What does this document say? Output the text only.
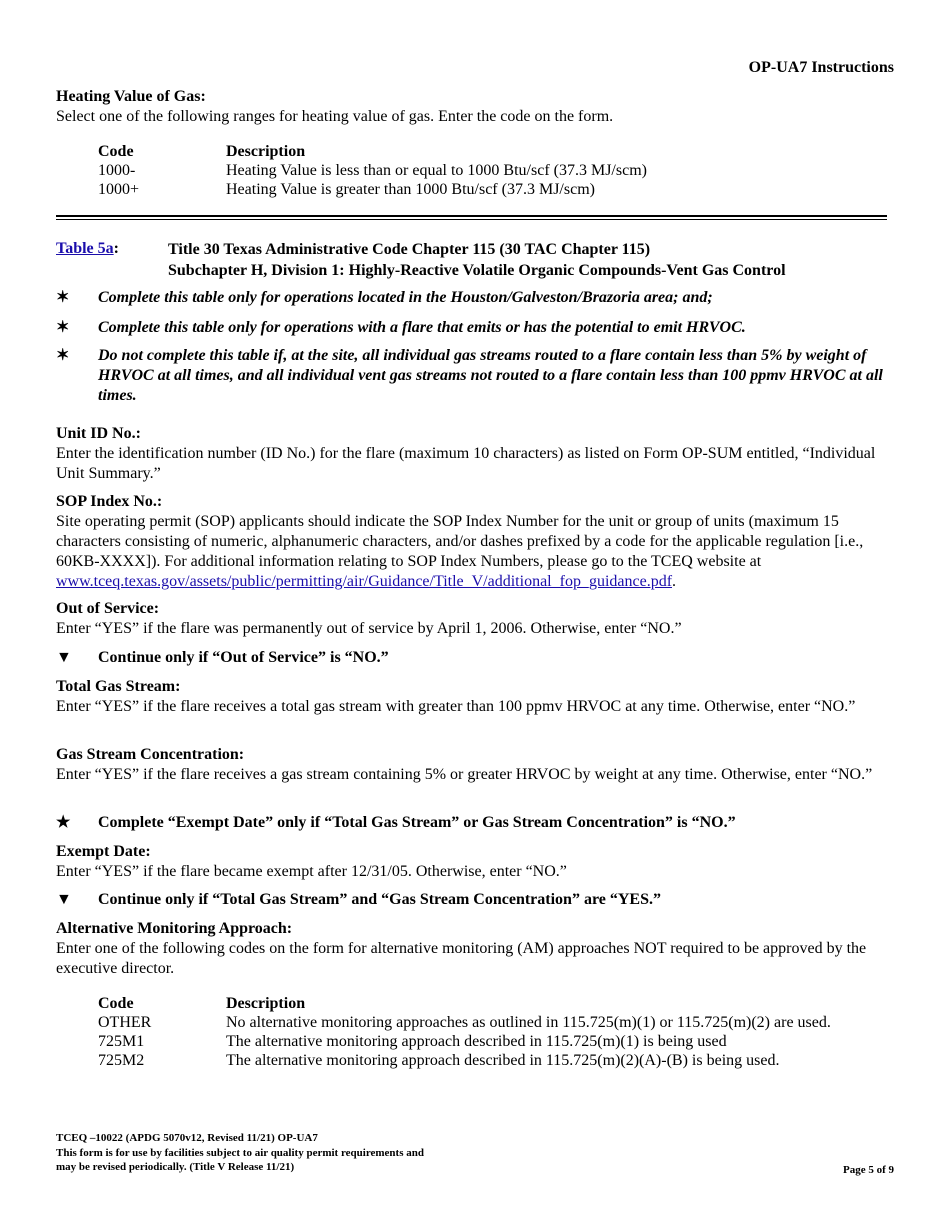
OP-UA7 Instructions

Heating Value of Gas:

Select one of the following ranges for heating value of gas. Enter the code on the form.

Code	Description
1000-	Heating Value is less than or equal to 1000 Btu/scf (37.3 MJ/scm)
1000+	Heating Value is greater than 1000 Btu/scf (37.3 MJ/scm)
Table 5a:	Title 30 Texas Administrative Code Chapter 115 (30 TAC Chapter 115)
Subchapter H, Division 1: Highly-Reactive Volatile Organic Compounds-Vent Gas Control
✶	Complete this table only for operations located in the Houston/Galveston/Brazoria area; and;
✶	Complete this table only for operations with a flare that emits or has the potential to emit HRVOC.
✶	Do not complete this table if, at the site, all individual gas streams routed to a flare contain less than 5% by weight of HRVOC at all times, and all individual vent gas streams not routed to a flare contain less than 100 ppmv HRVOC at all times.

Unit ID No.:

Enter the identification number (ID No.) for the flare (maximum 10 characters) as listed on Form OP-SUM entitled, “Individual Unit Summary.”

SOP Index No.:

Site operating permit (SOP) applicants should indicate the SOP Index Number for the unit or group of units (maximum 15 characters consisting of numeric, alphanumeric characters, and/or dashes prefixed by a code for the applicable regulation [i.e., 60KB-XXXX]). For additional information relating to SOP Index Numbers, please go to the TCEQ website at www.tceq.texas.gov/assets/public/permitting/air/Guidance/Title_V/additional_fop_guidance.pdf.

Out of Service:

Enter “YES” if the flare was permanently out of service by April 1, 2006. Otherwise, enter “NO.”

▼	Continue only if “Out of Service” is “NO.”

Total Gas Stream:

Enter “YES” if the flare receives a total gas stream with greater than 100 ppmv HRVOC at any time. Otherwise, enter “NO.”

Gas Stream Concentration:

Enter “YES” if the flare receives a gas stream containing 5% or greater HRVOC by weight at any time. Otherwise, enter “NO.”

★	Complete “Exempt Date” only if “Total Gas Stream” or Gas Stream Concentration” is “NO.”

Exempt Date:

Enter “YES” if the flare became exempt after 12/31/05. Otherwise, enter “NO.”

▼	Continue only if “Total Gas Stream” and “Gas Stream Concentration” are “YES.”

Alternative Monitoring Approach:

Enter one of the following codes on the form for alternative monitoring (AM) approaches NOT required to be approved by the executive director.

Code	Description
OTHER	No alternative monitoring approaches as outlined in 115.725(m)(1) or 115.725(m)(2) are used.
725M1	The alternative monitoring approach described in 115.725(m)(1) is being used
725M2	The alternative monitoring approach described in 115.725(m)(2)(A)-(B) is being used.
TCEQ –10022 (APDG 5070v12, Revised 11/21) OP-UA7
This form is for use by facilities subject to air quality permit requirements and
may be revised periodically. (Title V Release 11/21)	Page 5 of 9
